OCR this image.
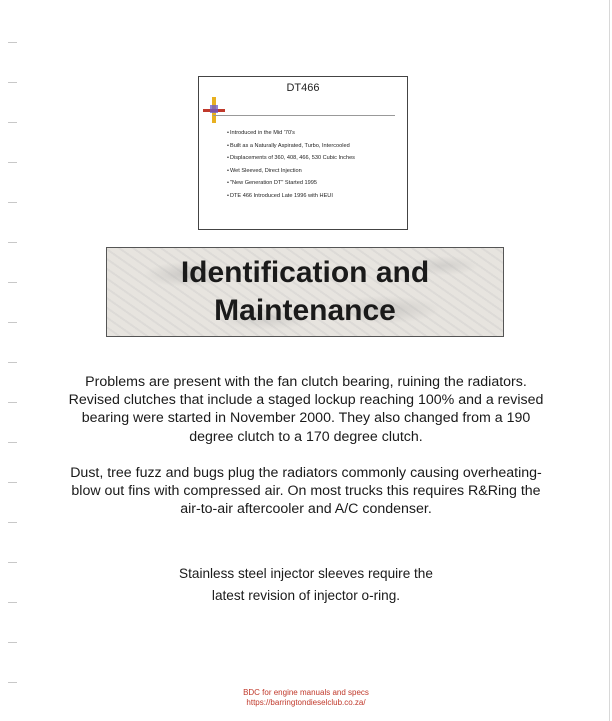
DT466
• Introduced in the Mid '70's
• Built as a Naturally Aspirated, Turbo, Intercooled
• Displacements of 360, 408, 466, 530 Cubic Inches
• Wet Sleeved, Direct Injection
• "New Generation DT" Started 1995
• DTE 466 Introduced Late 1996 with HEUI
Identification and
Maintenance

Problems are present with the fan clutch bearing, ruining the radiators. Revised clutches that include a staged lockup reaching 100% and a revised bearing were started in November 2000. They also changed from a 190 degree clutch to a 170 degree clutch.

Dust, tree fuzz and bugs plug the radiators commonly causing overheating- blow out fins with compressed air. On most trucks this requires R&Ring the air-to-air aftercooler and A/C condenser.

Stainless steel injector sleeves require the
latest revision of injector o-ring.
BDC for engine manuals and specs
https://barringtondieselclub.co.za/
